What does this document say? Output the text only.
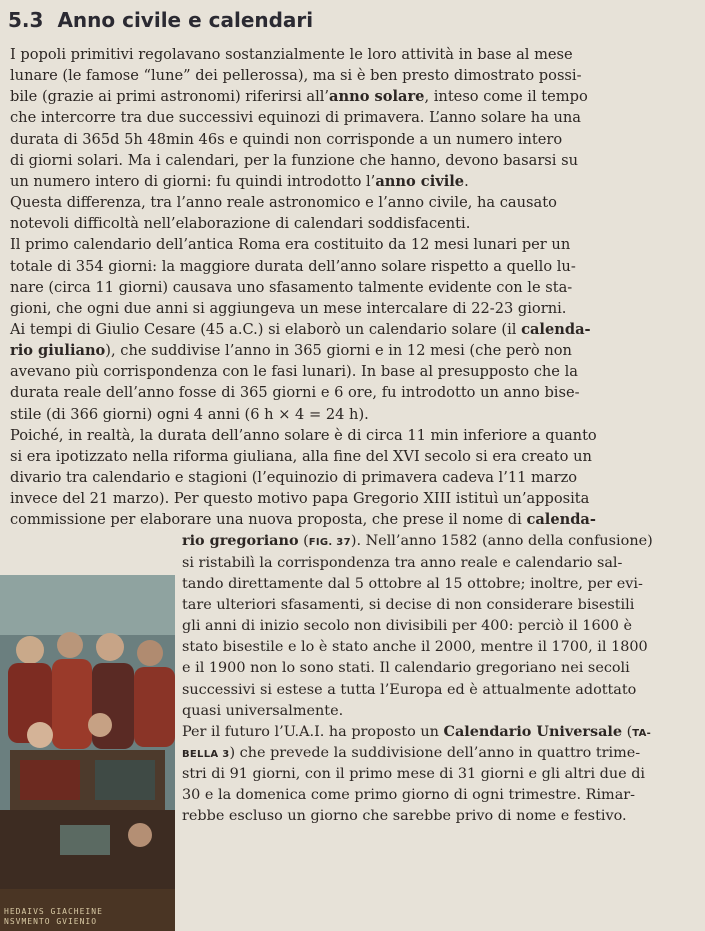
5.3 Anno civile e calendari
HEDAIVS GIACHEINE
NSVMENTO GVIENIO
I popoli primitivi regolavano sostanzialmente le loro attività in base al mese
lunare (le famose “lune” dei pellerossa), ma si è ben presto dimostrato possi-
bile (grazie ai primi astronomi) riferirsi all’anno solare, inteso come il tempo
che intercorre tra due successivi equinozi di primavera. L’anno solare ha una
durata di 365d 5h 48min 46s e quindi non corrisponde a un numero intero
di giorni solari. Ma i calendari, per la funzione che hanno, devono basarsi su
un numero intero di giorni: fu quindi introdotto l’anno civile.
Questa differenza, tra l’anno reale astronomico e l’anno civile, ha causato
notevoli difficoltà nell’elaborazione di calendari soddisfacenti.
Il primo calendario dell’antica Roma era costituito da 12 mesi lunari per un
totale di 354 giorni: la maggiore durata dell’anno solare rispetto a quello lu-
nare (circa 11 giorni) causava uno sfasamento talmente evidente con le sta-
gioni, che ogni due anni si aggiungeva un mese intercalare di 22-23 giorni.
Ai tempi di Giulio Cesare (45 a.C.) si elaborò un calendario solare (il calenda-
rio giuliano), che suddivise l’anno in 365 giorni e in 12 mesi (che però non
avevano più corrispondenza con le fasi lunari). In base al presupposto che la
durata reale dell’anno fosse di 365 giorni e 6 ore, fu introdotto un anno bise-
stile (di 366 giorni) ogni 4 anni (6 h × 4 = 24 h).
Poiché, in realtà, la durata dell’anno solare è di circa 11 min inferiore a quanto
si era ipotizzato nella riforma giuliana, alla fine del XVI secolo si era creato un
divario tra calendario e stagioni (l’equinozio di primavera cadeva l’11 marzo
invece del 21 marzo). Per questo motivo papa Gregorio XIII istituì un’apposita
commissione per elaborare una nuova proposta, che prese il nome di calenda-
rio gregoriano (FIG. 37). Nell’anno 1582 (anno della confusione)
si ristabilì la corrispondenza tra anno reale e calendario sal-
tando direttamente dal 5 ottobre al 15 ottobre; inoltre, per evi-
tare ulteriori sfasamenti, si decise di non considerare bisestili
gli anni di inizio secolo non divisibili per 400: perciò il 1600 è
stato bisestile e lo è stato anche il 2000, mentre il 1700, il 1800
e il 1900 non lo sono stati. Il calendario gregoriano nei secoli
successivi si estese a tutta l’Europa ed è attualmente adottato
quasi universalmente.
Per il futuro l’U.A.I. ha proposto un Calendario Universale (TA-
BELLA 3) che prevede la suddivisione dell’anno in quattro trime-
stri di 91 giorni, con il primo mese di 31 giorni e gli altri due di
30 e la domenica come primo giorno di ogni trimestre. Rimar-
rebbe escluso un giorno che sarebbe privo di nome e festivo.
